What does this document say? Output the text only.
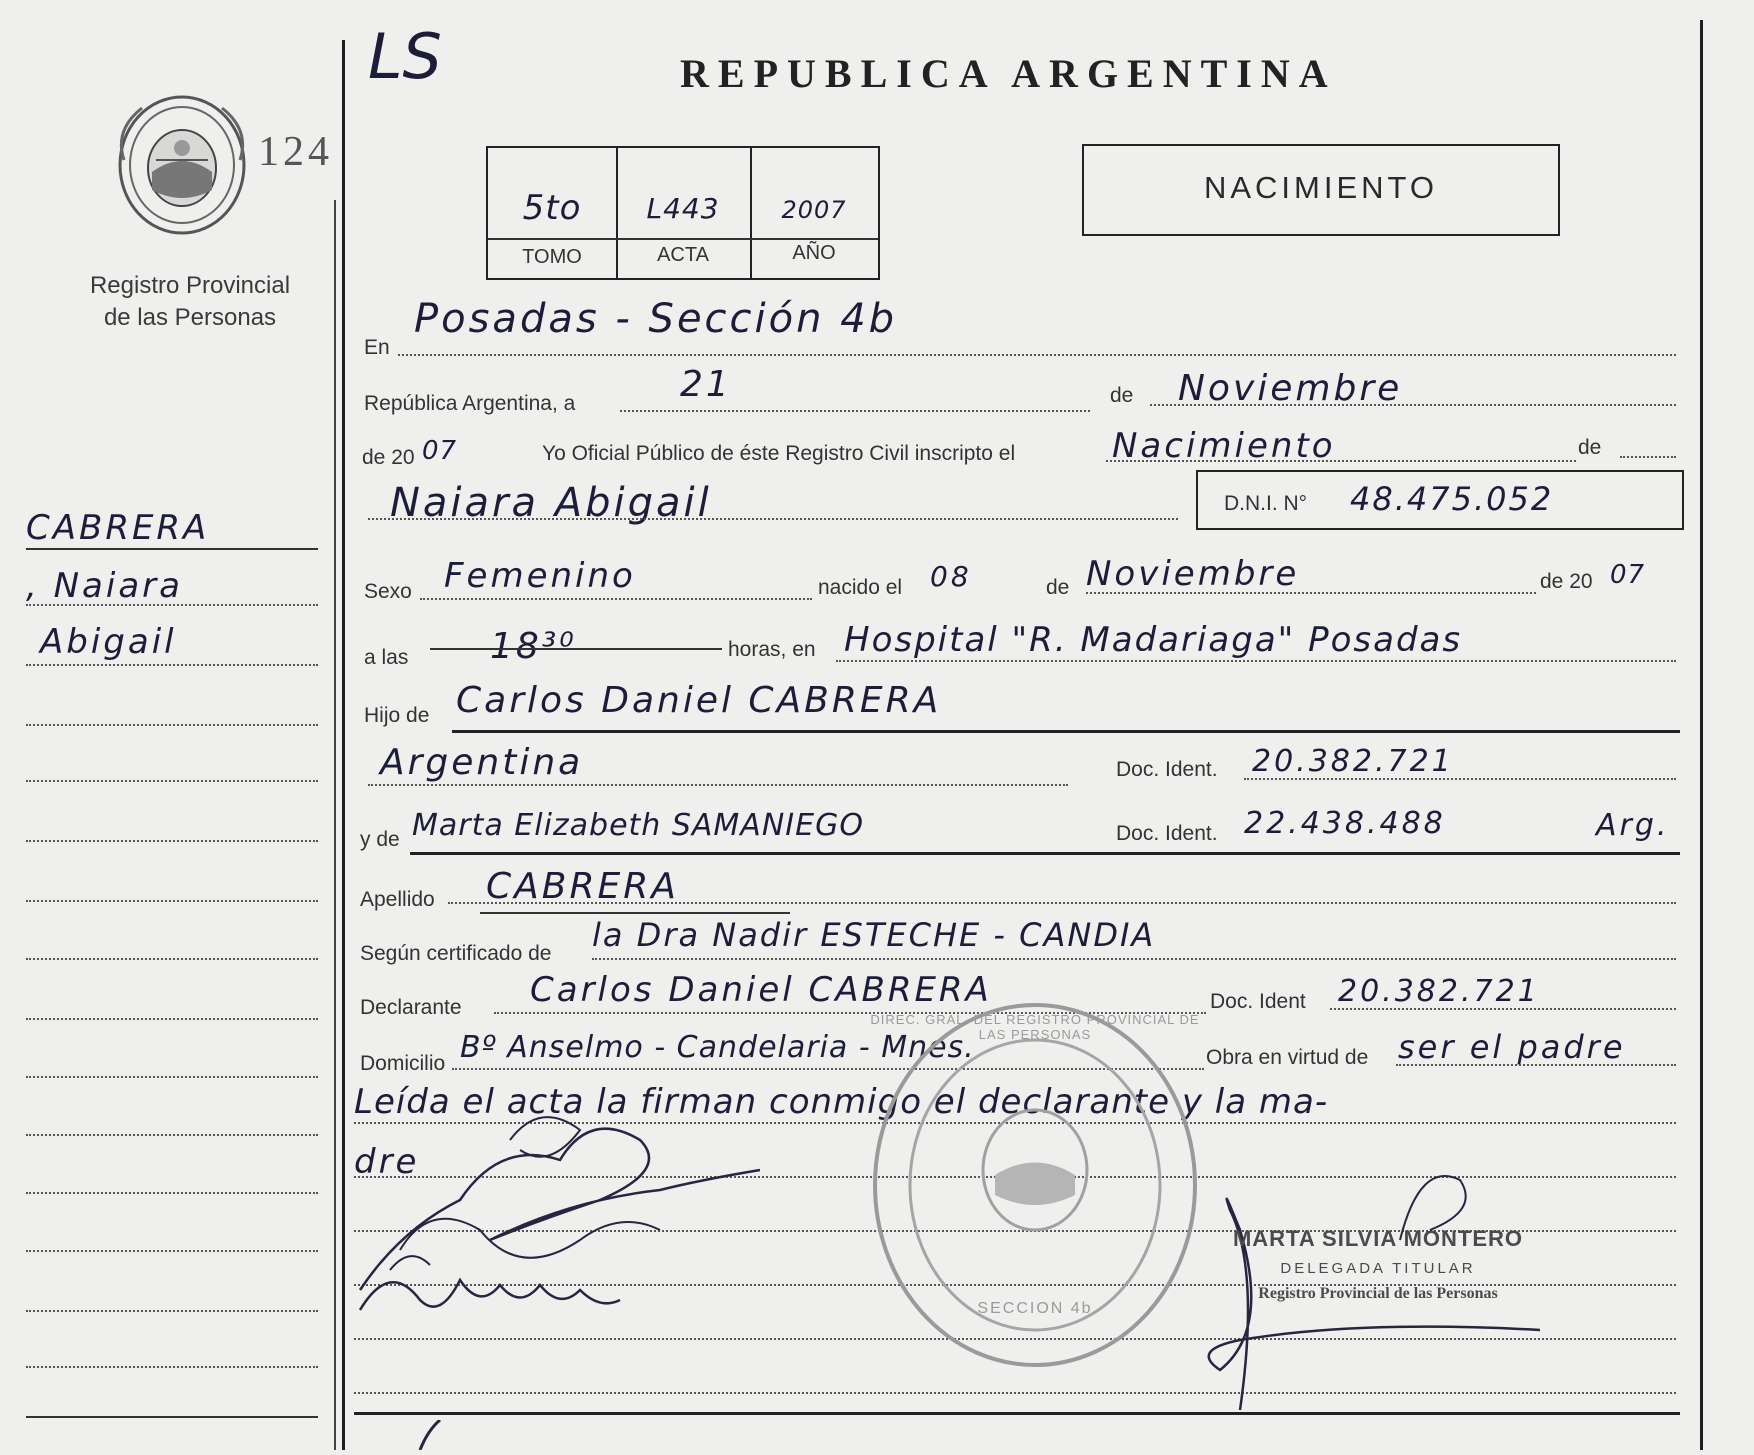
LS
124
Registro Provincial
de las Personas
CABRERA
, Naiara
Abigail
REPUBLICA ARGENTINA
5to	L443	2007
TOMO	ACTA	AÑO
NACIMIENTO
En
Posadas - Sección 4b
República Argentina, a	21	de Noviembre
de 20 07	Yo Oficial Público de éste Registro Civil inscripto el	Nacimiento	de
Naiara Abigail	D.N.I. N° 48.475.052
Sexo Femenino	nacido el 08	de Noviembre	de 20 07
a las 18³⁰	horas, en Hospital "R. Madariaga" Posadas
Hijo de Carlos Daniel CABRERA
Argentina	Doc. Ident. 20.382.721
y de Marta Elizabeth SAMANIEGO	Doc. Ident. 22.438.488	Arg.
Apellido CABRERA
Según certificado de la Dra Nadir ESTECHE - CANDIA
Declarante Carlos Daniel CABRERA	Doc. Ident 20.382.721
Domicilio Bº Anselmo - Candelaria - Mnes.	Obra en virtud de ser el padre
Leída el acta la firman conmigo el declarante y la ma-
dre
DIREC. GRAL. DEL REGISTRO PROVINCIAL DE LAS PERSONAS
SECCION 4b
MARTA SILVIA MONTERO
DELEGADA TITULAR
Registro Provincial de las Personas
